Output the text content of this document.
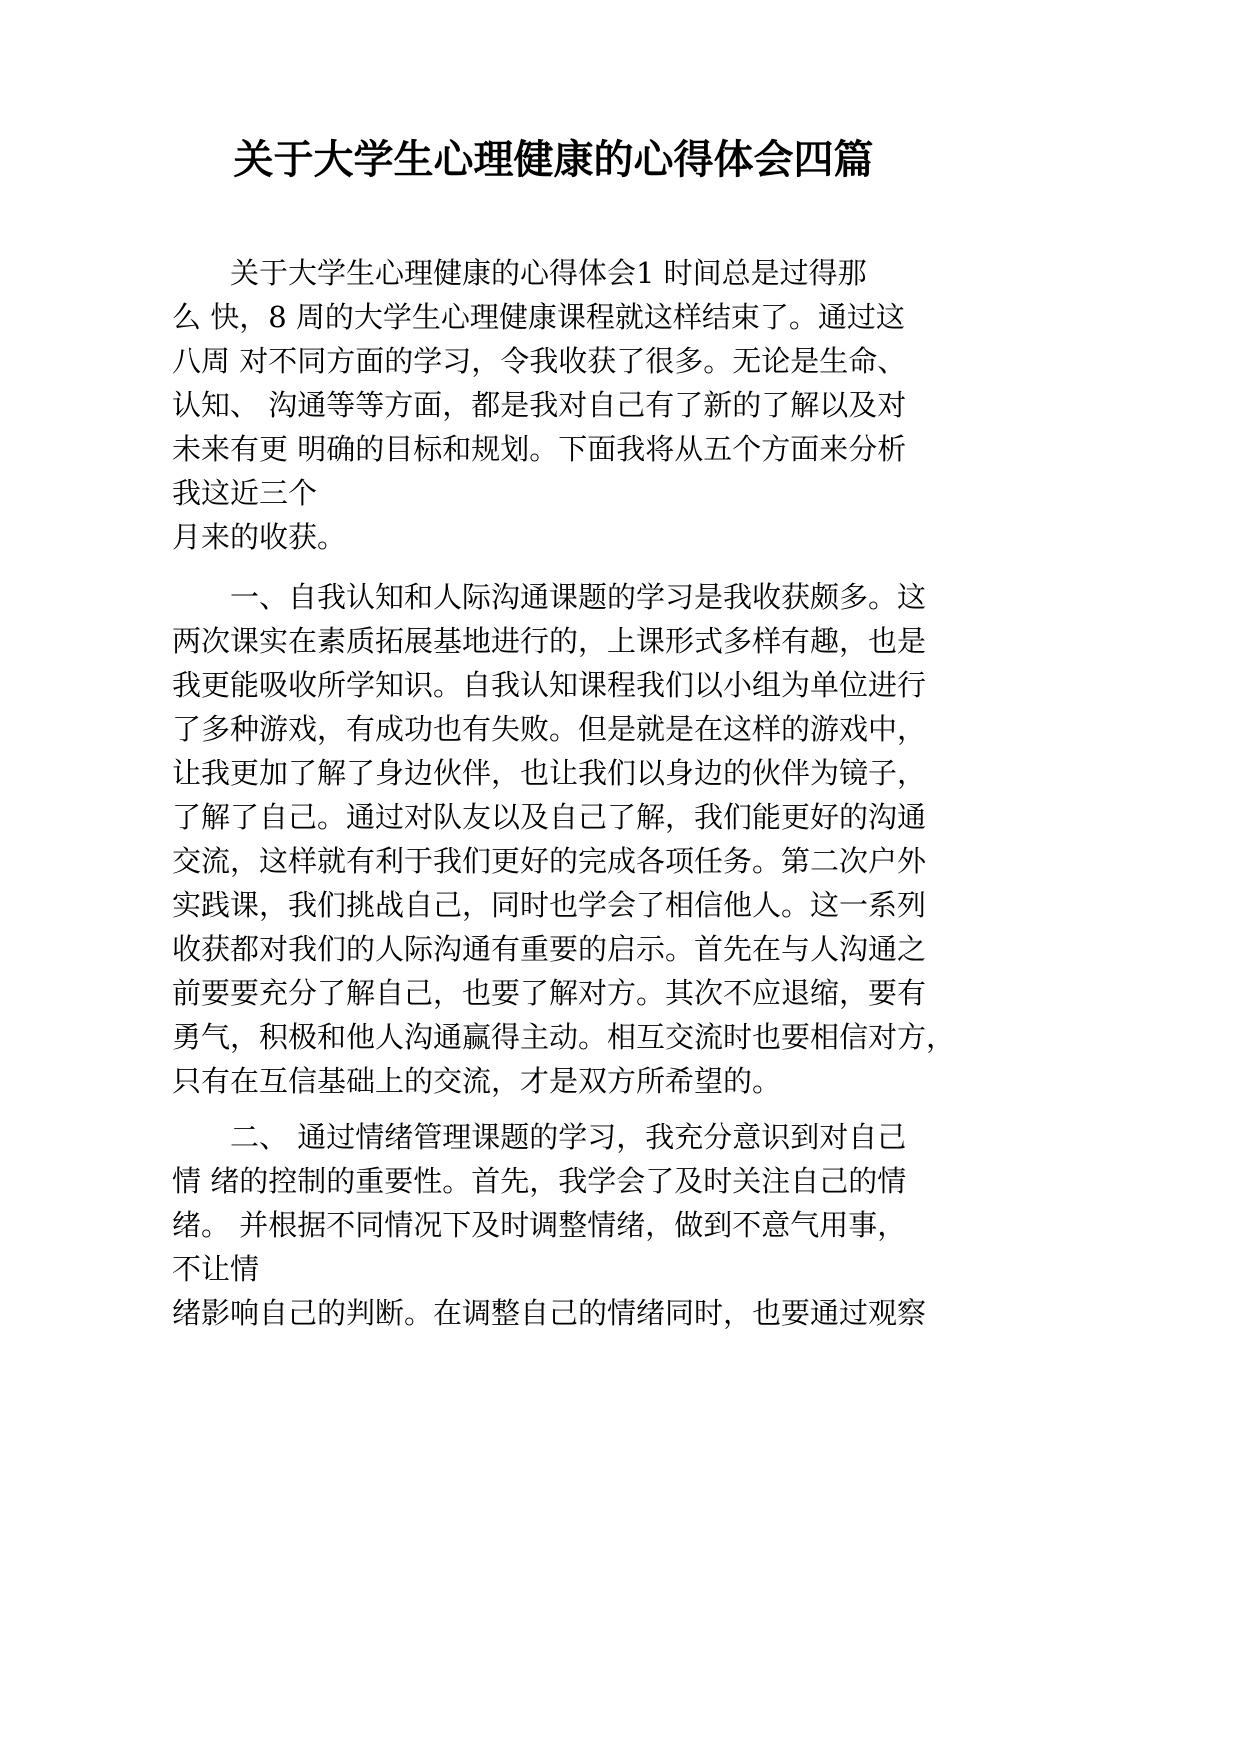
关于大学生心理健康的心得体会四篇
关于大学生心理健康的心得体会1 时间总是过得那
么 快，8 周的大学生心理健康课程就这样结束了。通过这
八周 对不同方面的学习，令我收获了很多。无论是生命、
认知、 沟通等等方面，都是我对自己有了新的了解以及对
未来有更 明确的目标和规划。下面我将从五个方面来分析
我这近三个
月来的收获。
一、自我认知和人际沟通课题的学习是我收获颇多。这
两次课实在素质拓展基地进行的，上课形式多样有趣，也是
我更能吸收所学知识。自我认知课程我们以小组为单位进行
了多种游戏，有成功也有失败。但是就是在这样的游戏中，
让我更加了解了身边伙伴，也让我们以身边的伙伴为镜子，
了解了自己。通过对队友以及自己了解，我们能更好的沟通
交流，这样就有利于我们更好的完成各项任务。第二次户外
实践课，我们挑战自己，同时也学会了相信他人。这一系列
收获都对我们的人际沟通有重要的启示。首先在与人沟通之
前要要充分了解自己，也要了解对方。其次不应退缩，要有
勇气，积极和他人沟通赢得主动。相互交流时也要相信对方，
只有在互信基础上的交流，才是双方所希望的。
二、 通过情绪管理课题的学习，我充分意识到对自己
情 绪的控制的重要性。首先，我学会了及时关注自己的情
绪。 并根据不同情况下及时调整情绪，做到不意气用事，
不让情
绪影响自己的判断。在调整自己的情绪同时，也要通过观察
